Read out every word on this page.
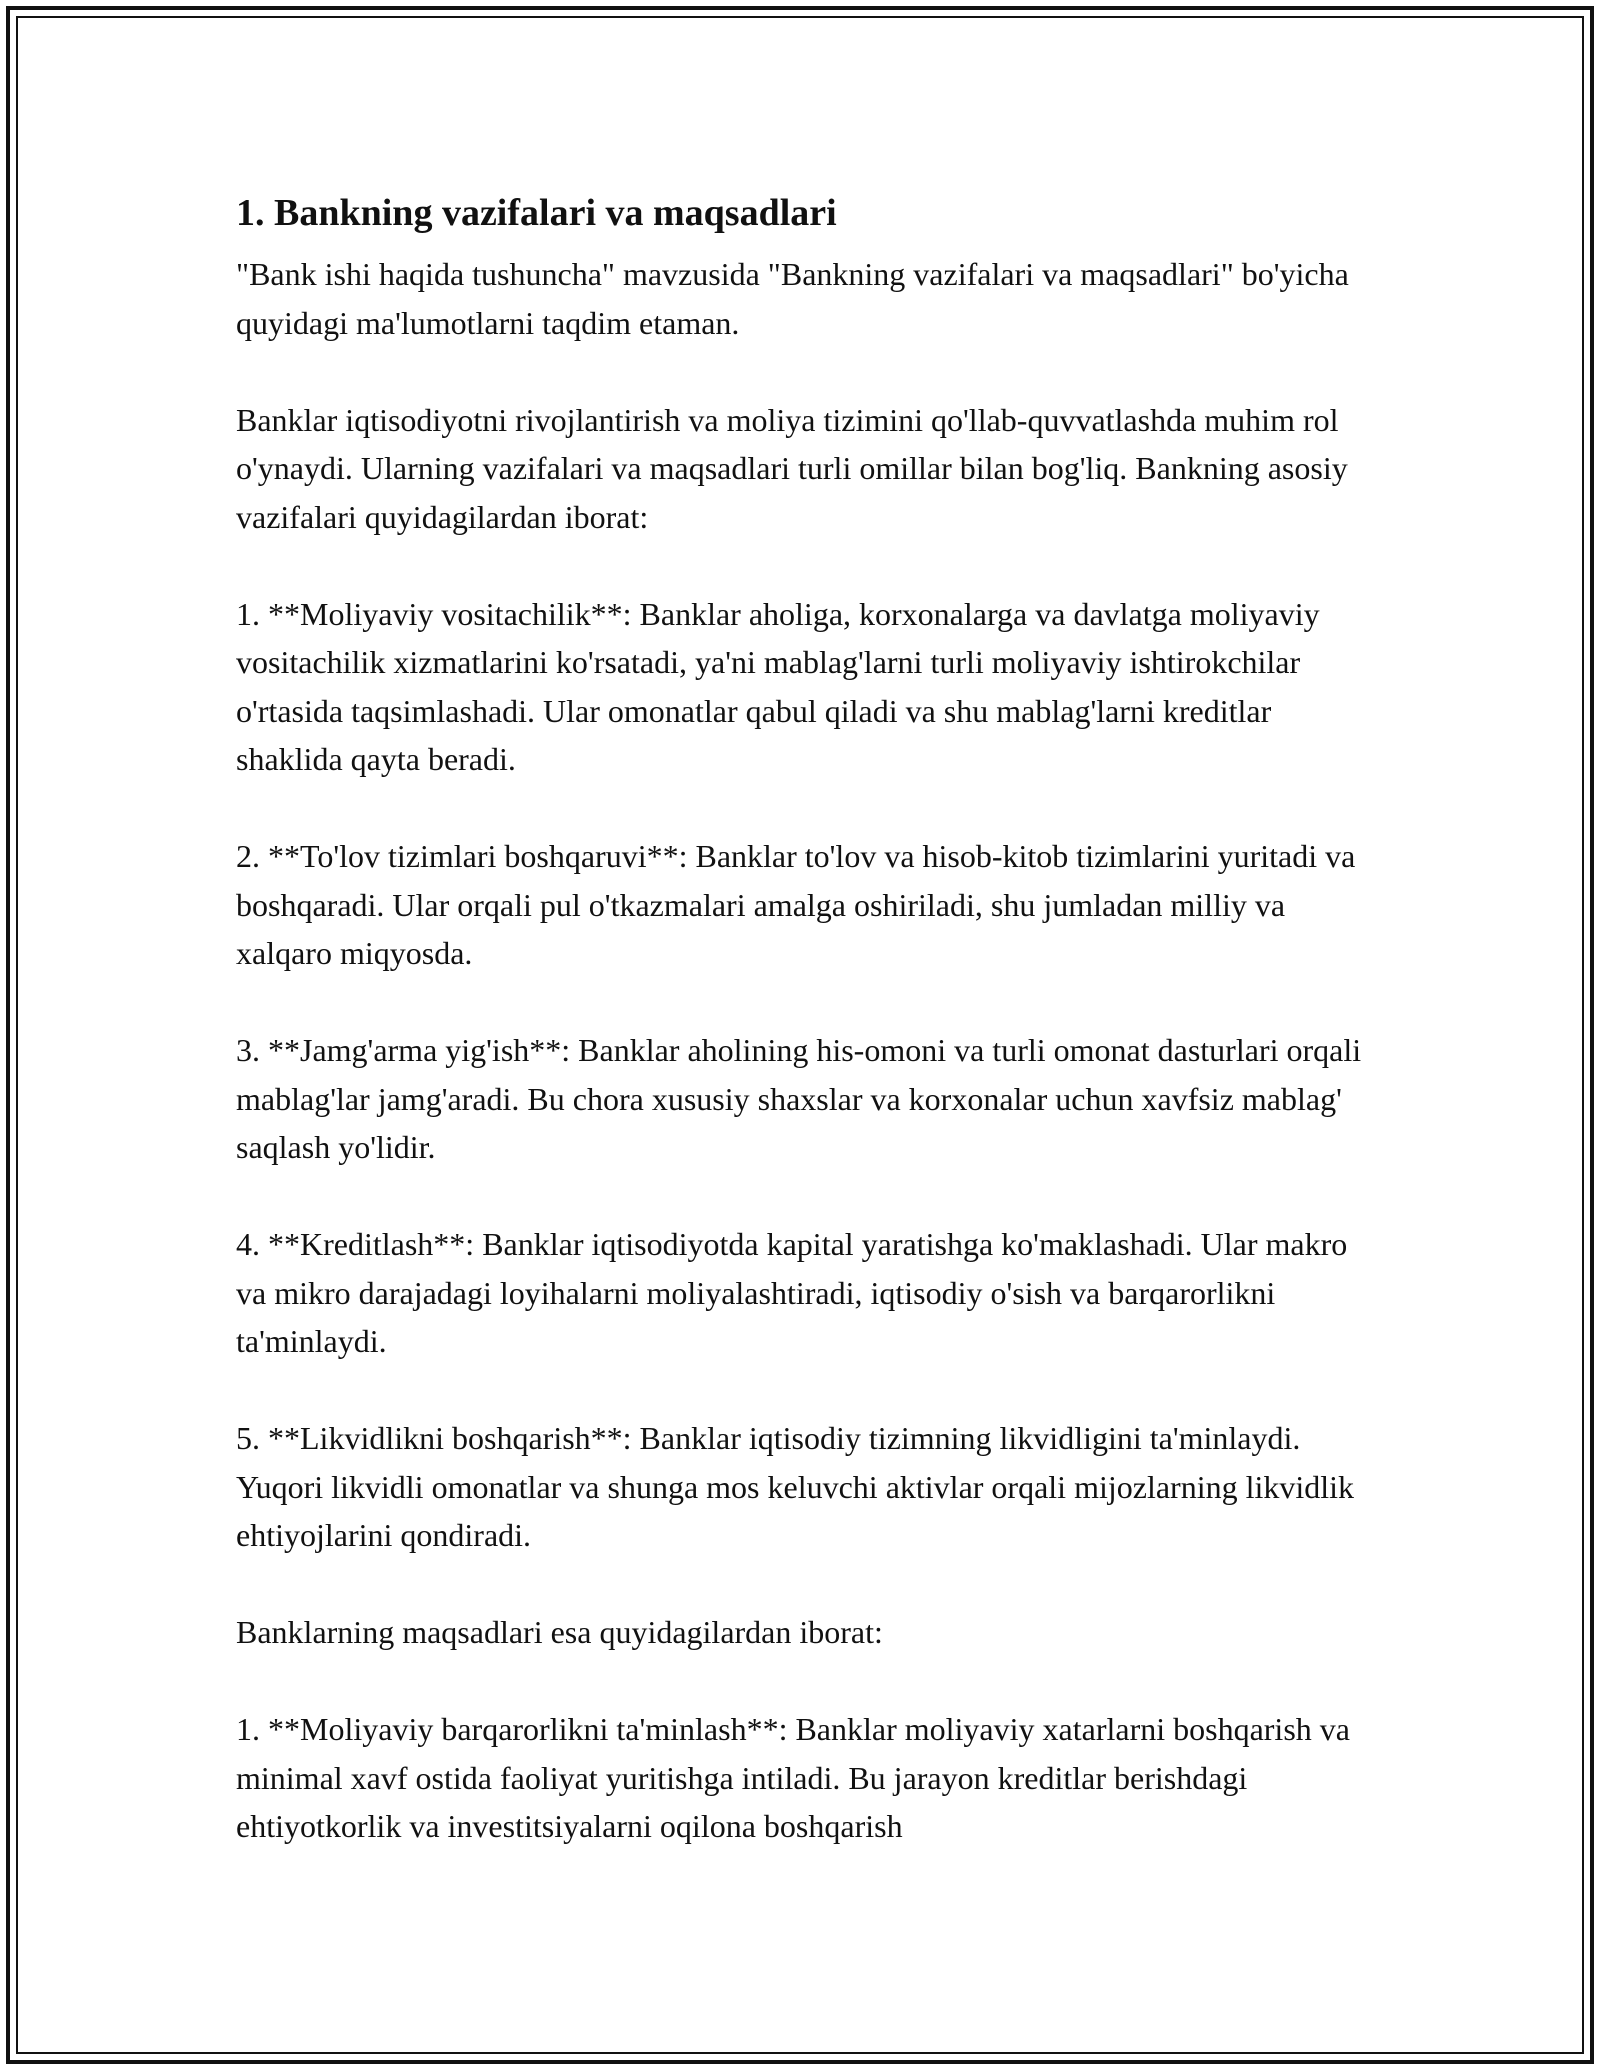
1. Bankning vazifalari va maqsadlari

"Bank ishi haqida tushuncha" mavzusida "Bankning vazifalari va maqsadlari" bo'yicha quyidagi ma'lumotlarni taqdim etaman.

Banklar iqtisodiyotni rivojlantirish va moliya tizimini qo'llab-quvvatlashda muhim rol o'ynaydi. Ularning vazifalari va maqsadlari turli omillar bilan bog'liq. Bankning asosiy vazifalari quyidagilardan iborat:

1. **Moliyaviy vositachilik**: Banklar aholiga, korxonalarga va davlatga moliyaviy vositachilik xizmatlarini ko'rsatadi, ya'ni mablag'larni turli moliyaviy ishtirokchilar o'rtasida taqsimlashadi. Ular omonatlar qabul qiladi va shu mablag'larni kreditlar shaklida qayta beradi.

2. **To'lov tizimlari boshqaruvi**: Banklar to'lov va hisob-kitob tizimlarini yuritadi va boshqaradi. Ular orqali pul o'tkazmalari amalga oshiriladi, shu jumladan milliy va xalqaro miqyosda.

3. **Jamg'arma yig'ish**: Banklar aholining his-omoni va turli omonat dasturlari orqali mablag'lar jamg'aradi. Bu chora xususiy shaxslar va korxonalar uchun xavfsiz mablag' saqlash yo'lidir.

4. **Kreditlash**: Banklar iqtisodiyotda kapital yaratishga ko'maklashadi. Ular makro va mikro darajadagi loyihalarni moliyalashtiradi, iqtisodiy o'sish va barqarorlikni ta'minlaydi.

5. **Likvidlikni boshqarish**: Banklar iqtisodiy tizimning likvidligini ta'minlaydi. Yuqori likvidli omonatlar va shunga mos keluvchi aktivlar orqali mijozlarning likvidlik ehtiyojlarini qondiradi.

Banklarning maqsadlari esa quyidagilardan iborat:

1. **Moliyaviy barqarorlikni ta'minlash**: Banklar moliyaviy xatarlarni boshqarish va minimal xavf ostida faoliyat yuritishga intiladi. Bu jarayon kreditlar berishdagi ehtiyotkorlik va investitsiyalarni oqilona boshqarish
